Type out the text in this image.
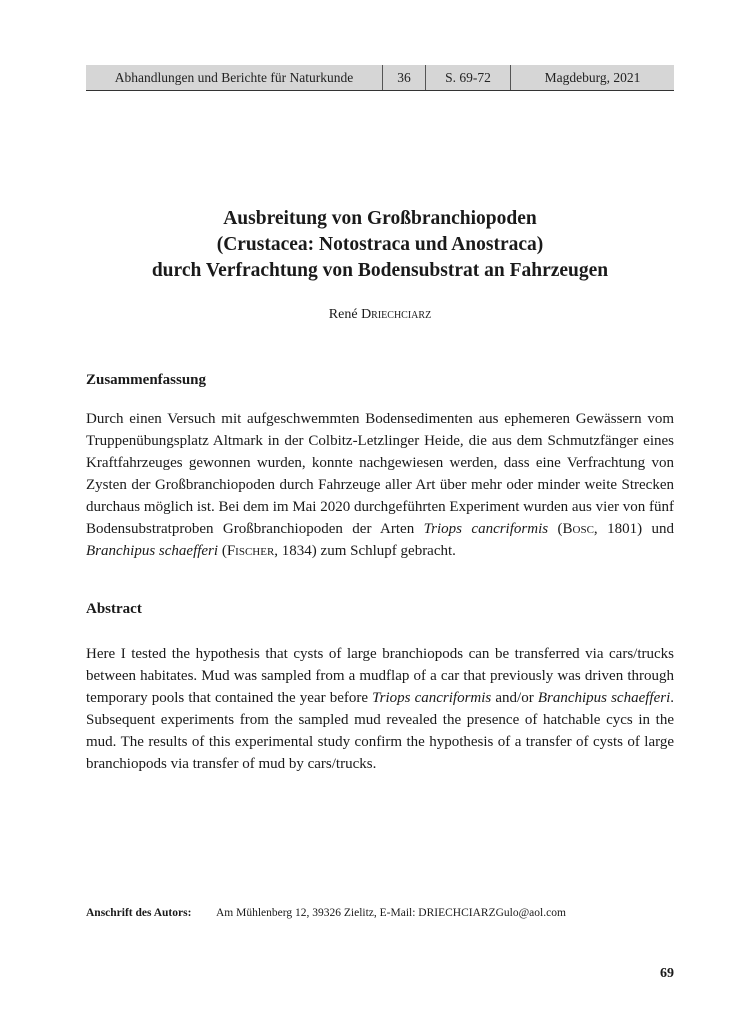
Abhandlungen und Berichte für Naturkunde	36	S. 69-72	Magdeburg, 2021
Ausbreitung von Großbranchiopoden
(Crustacea: Notostraca und Anostraca)
durch Verfrachtung von Bodensubstrat an Fahrzeugen
René Driechciarz
Zusammenfassung
Durch einen Versuch mit aufgeschwemmten Bodensedimenten aus ephemeren Gewässern vom Truppenübungsplatz Altmark in der Colbitz-Letzlinger Heide, die aus dem Schmutzfänger eines Kraftfahrzeuges gewonnen wurden, konnte nachgewiesen werden, dass eine Verfrachtung von Zysten der Großbranchiopoden durch Fahrzeuge aller Art über mehr oder minder weite Strecken durchaus möglich ist. Bei dem im Mai 2020 durchgeführten Experiment wurden aus vier von fünf Bodensubstratproben Großbranchiopoden der Arten Triops cancriformis (Bosc, 1801) und Branchipus schaefferi (Fischer, 1834) zum Schlupf gebracht.
Abstract
Here I tested the hypothesis that cysts of large branchiopods can be transferred via cars/trucks between habitates. Mud was sampled from a mudflap of a car that previously was driven through temporary pools that contained the year before Triops cancriformis and/or Branchipus schaefferi. Subsequent experiments from the sampled mud revealed the presence of hatchable cycs in the mud. The results of this experimental study confirm the hypothesis of a transfer of cysts of large branchiopods via transfer of mud by cars/trucks.
Anschrift des Autors:	Am Mühlenberg 12, 39326 Zielitz, E-Mail: DRIECHCIARZGulo@aol.com
69
